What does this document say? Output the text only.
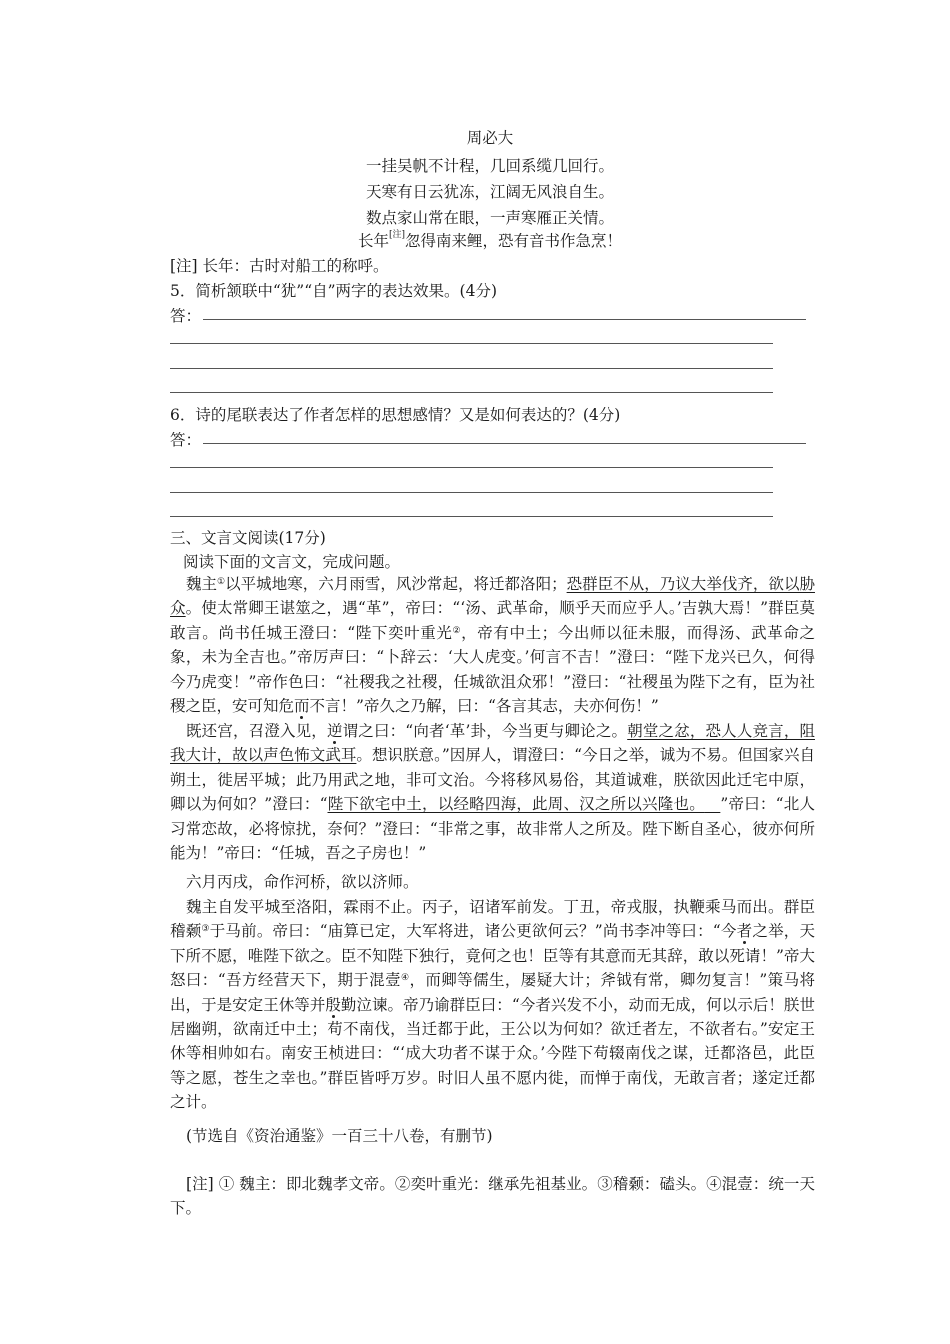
周必大
一挂吴帆不计程，几回系缆几回行。
天寒有日云犹冻，江阔无风浪自生。
数点家山常在眼，一声寒雁正关情。
长年[注]忽得南来鲤，恐有音书作急烹！
[注] 长年：古时对船工的称呼。
5．简析颔联中“犹”“自”两字的表达效果。(4分)
答：
6．诗的尾联表达了作者怎样的思想感情？又是如何表达的？(4分)
答：
三、文言文阅读(17分)
阅读下面的文言文，完成问题。
魏主①以平城地寒，六月雨雪，风沙常起，将迁都洛阳；恐群臣不从，乃议大举伐齐，欲以胁众。使太常卿王谌筮之，遇“革”，帝曰：“‘汤、武革命，顺乎天而应乎人。’吉孰大焉！”群臣莫敢言。尚书任城王澄曰：“陛下奕叶重光②，帝有中土；今出师以征未服，而得汤、武革命之象，未为全吉也。”帝厉声曰：“卜辞云：‘大人虎变。’何言不吉！”澄曰：“陛下龙兴已久，何得今乃虎变！”帝作色曰：“社稷我之社稷，任城欲沮众邪！”澄曰：“社稷虽为陛下之有，臣为社稷之臣，安可知危而不言！”帝久之乃解，曰：“各言其志，夫亦何伤！”
既还宫，召澄入见，逆谓之曰：“向者‘革’卦，今当更与卿论之。朝堂之忿，恐人人竞言，阻我大计，故以声色怖文武耳。想识朕意。”因屏人，谓澄曰：“今日之举，诚为不易。但国家兴自朔土，徙居平城；此乃用武之地，非可文治。今将移风易俗，其道诚难，朕欲因此迁宅中原，卿以为何如？”澄曰：“陛下欲宅中土，以经略四海，此周、汉之所以兴隆也。 ”帝曰：“北人习常恋故，必将惊扰，奈何？”澄曰：“非常之事，故非常人之所及。陛下断自圣心，彼亦何所能为！”帝曰：“任城，吾之子房也！”
六月丙戌，命作河桥，欲以济师。
魏主自发平城至洛阳，霖雨不止。丙子，诏诸军前发。丁丑，帝戎服，执鞭乘马而出。群臣稽颡③于马前。帝曰：“庙算已定，大军将进，诸公更欲何云？”尚书李冲等曰：“今者之举，天下所不愿，唯陛下欲之。臣不知陛下独行，竟何之也！臣等有其意而无其辞，敢以死请！”帝大怒曰：“吾方经营天下，期于混壹④，而卿等儒生，屡疑大计；斧钺有常，卿勿复言！”策马将出，于是安定王休等并殷勤泣谏。帝乃谕群臣曰：“今者兴发不小，动而无成，何以示后！朕世居幽朔，欲南迁中土；苟不南伐，当迁都于此，王公以为何如？欲迁者左，不欲者右。”安定王休等相帅如右。南安王桢进曰：“‘成大功者不谋于众。’今陛下苟辍南伐之谋，迁都洛邑，此臣等之愿，苍生之幸也。”群臣皆呼万岁。时旧人虽不愿内徙，而惮于南伐，无敢言者；遂定迁都之计。
(节选自《资治通鉴》一百三十八卷，有删节)
[注] ① 魏主：即北魏孝文帝。②奕叶重光：继承先祖基业。③稽颡：磕头。④混壹：统一天下。
